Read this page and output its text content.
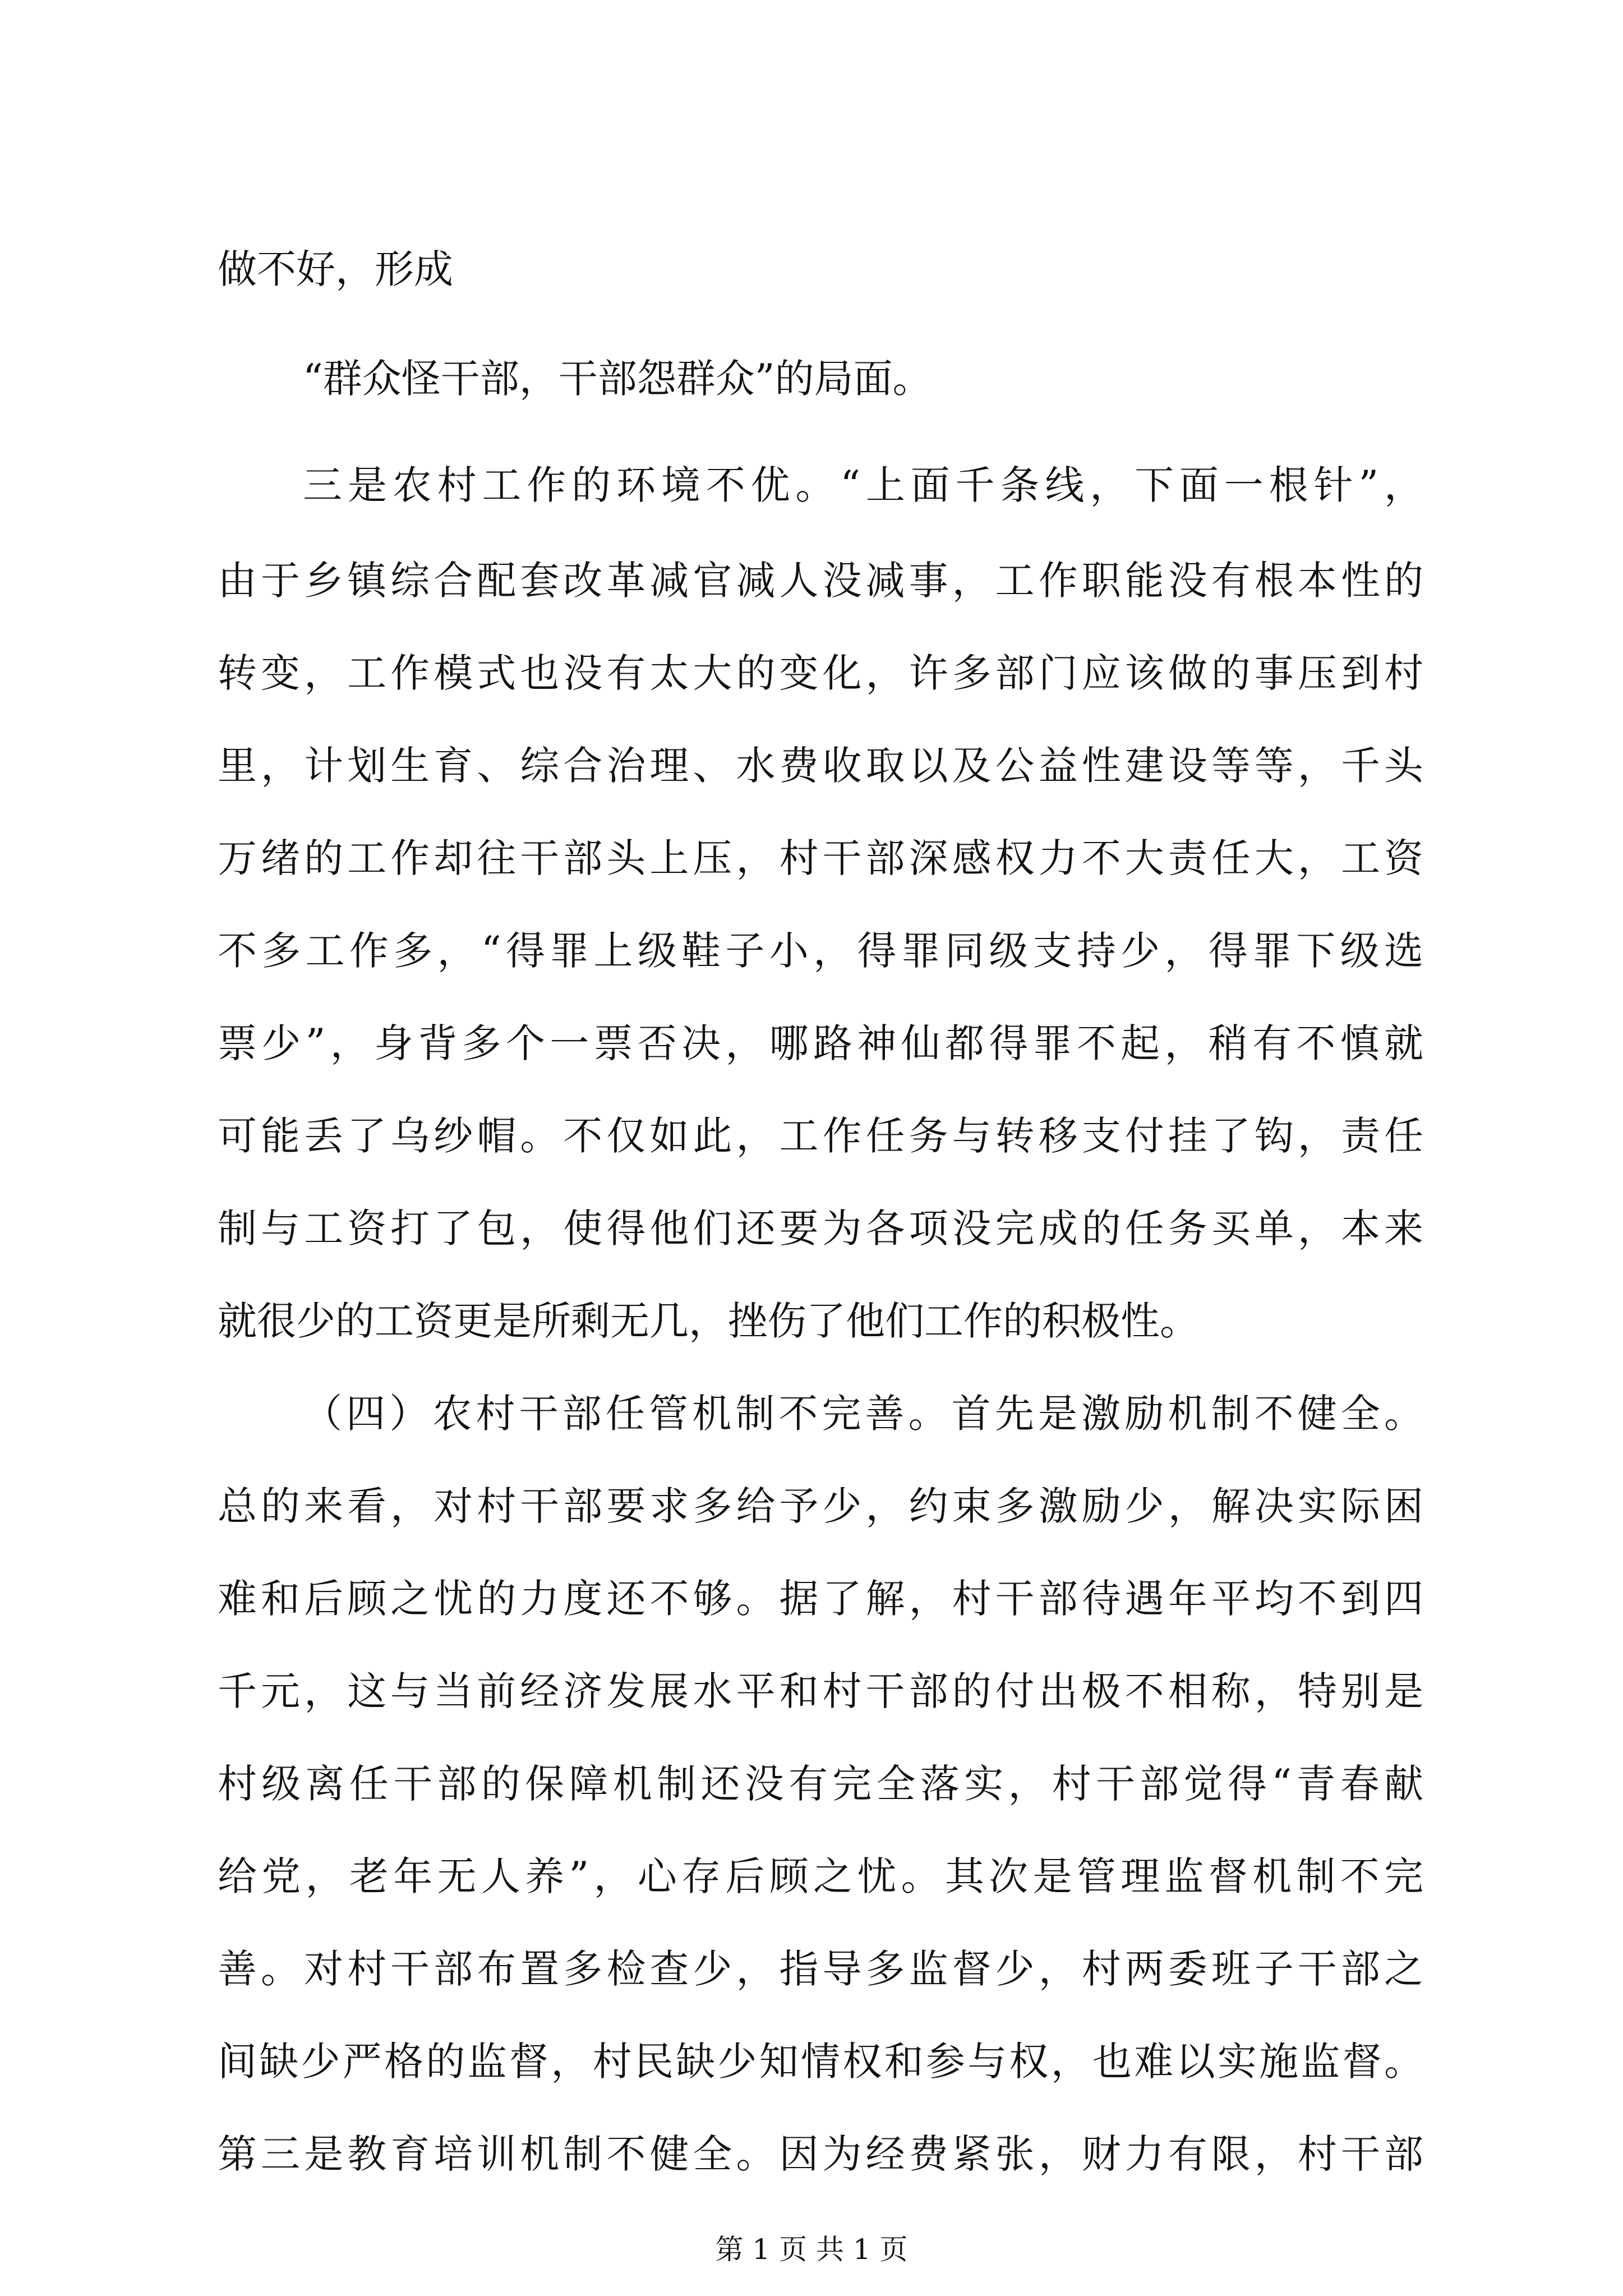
做不好，形成
“群众怪干部，干部怨群众”的局面。
三是农村工作的环境不优。“上面千条线，下面一根针”，
由于乡镇综合配套改革减官减人没减事，工作职能没有根本性的
转变，工作模式也没有太大的变化，许多部门应该做的事压到村
里，计划生育、综合治理、水费收取以及公益性建设等等，千头
万绪的工作却往干部头上压，村干部深感权力不大责任大，工资
不多工作多，“得罪上级鞋子小，得罪同级支持少，得罪下级选
票少”，身背多个一票否决，哪路神仙都得罪不起，稍有不慎就
可能丢了乌纱帽。不仅如此，工作任务与转移支付挂了钩，责任
制与工资打了包，使得他们还要为各项没完成的任务买单，本来
就很少的工资更是所剩无几，挫伤了他们工作的积极性。
（四）农村干部任管机制不完善。首先是激励机制不健全。
总的来看，对村干部要求多给予少，约束多激励少，解决实际困
难和后顾之忧的力度还不够。据了解，村干部待遇年平均不到四
千元，这与当前经济发展水平和村干部的付出极不相称，特别是
村级离任干部的保障机制还没有完全落实，村干部觉得“青春献
给党，老年无人养”，心存后顾之忧。其次是管理监督机制不完
善。对村干部布置多检查少，指导多监督少，村两委班子干部之
间缺少严格的监督，村民缺少知情权和参与权，也难以实施监督。
第三是教育培训机制不健全。因为经费紧张，财力有限，村干部
第 1 页 共 1 页
